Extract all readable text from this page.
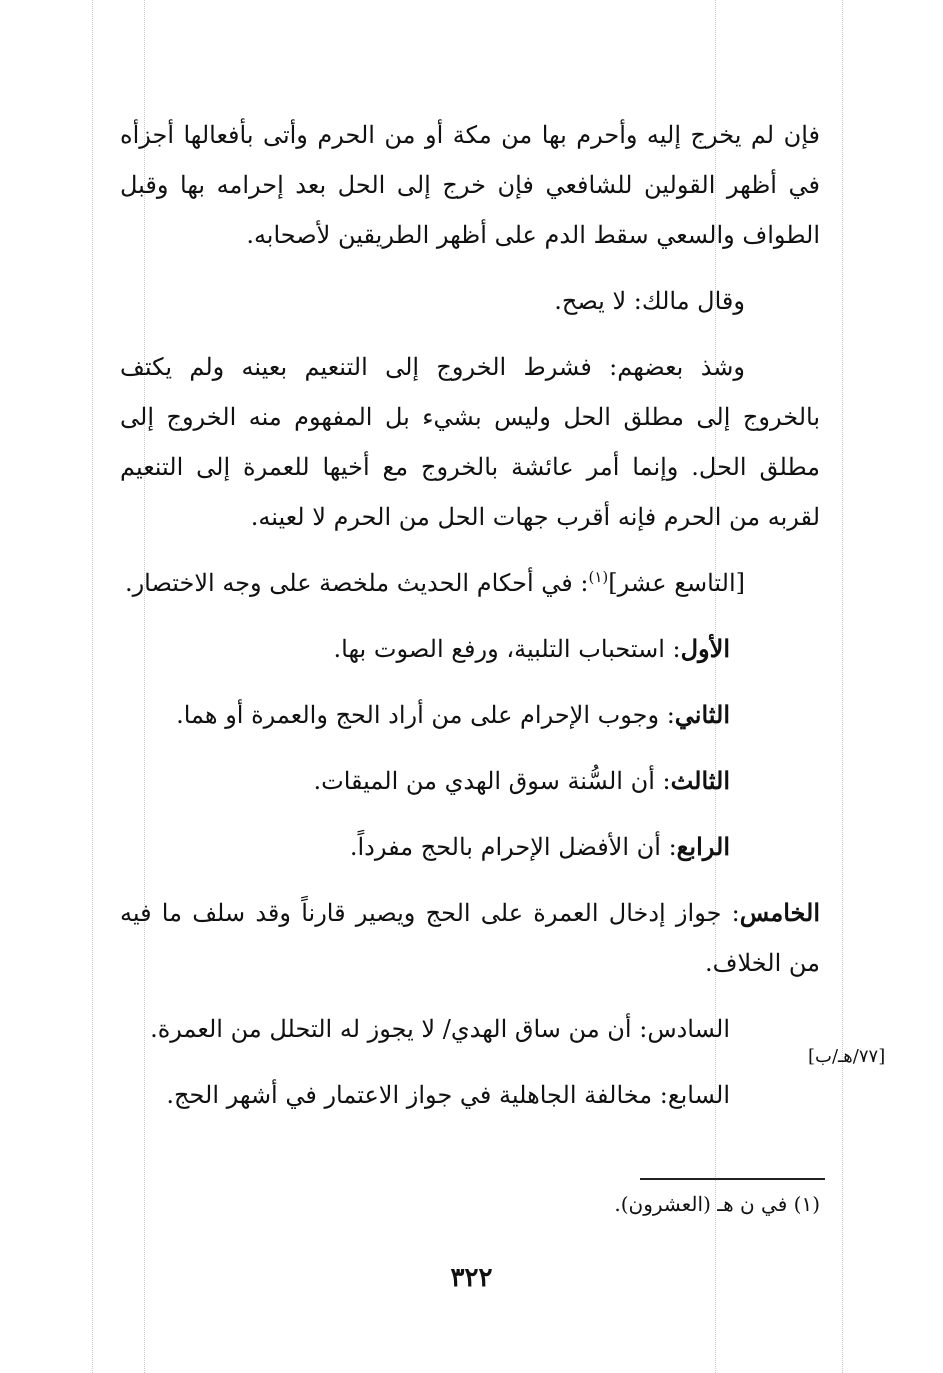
فإن لم يخرج إليه وأحرم بها من مكة أو من الحرم وأتى بأفعالها أجزأه في أظهر القولين للشافعي فإن خرج إلى الحل بعد إحرامه بها وقبل الطواف والسعي سقط الدم على أظهر الطريقين لأصحابه.

وقال مالك: لا يصح.

وشذ بعضهم: فشرط الخروج إلى التنعيم بعينه ولم يكتف بالخروج إلى مطلق الحل وليس بشيء بل المفهوم منه الخروج إلى مطلق الحل. وإنما أمر عائشة بالخروج مع أخيها للعمرة إلى التنعيم لقربه من الحرم فإنه أقرب جهات الحل من الحرم لا لعينه.

[التاسع عشر]$^{(١)}$: في أحكام الحديث ملخصة على وجه الاختصار.

الأول: استحباب التلبية، ورفع الصوت بها.

الثاني: وجوب الإحرام على من أراد الحج والعمرة أو هما.

الثالث: أن السُّنة سوق الهدي من الميقات.

الرابع: أن الأفضل الإحرام بالحج مفرداً.

الخامس: جواز إدخال العمرة على الحج ويصير قارناً وقد سلف ما فيه من الخلاف.

السادس: أن من ساق الهدي/ لا يجوز له التحلل من العمرة.

السابع: مخالفة الجاهلية في جواز الاعتمار في أشهر الحج.

[٧٧/هـ/ب]
(١) في ن هـ (العشرون).
٣٢٢
